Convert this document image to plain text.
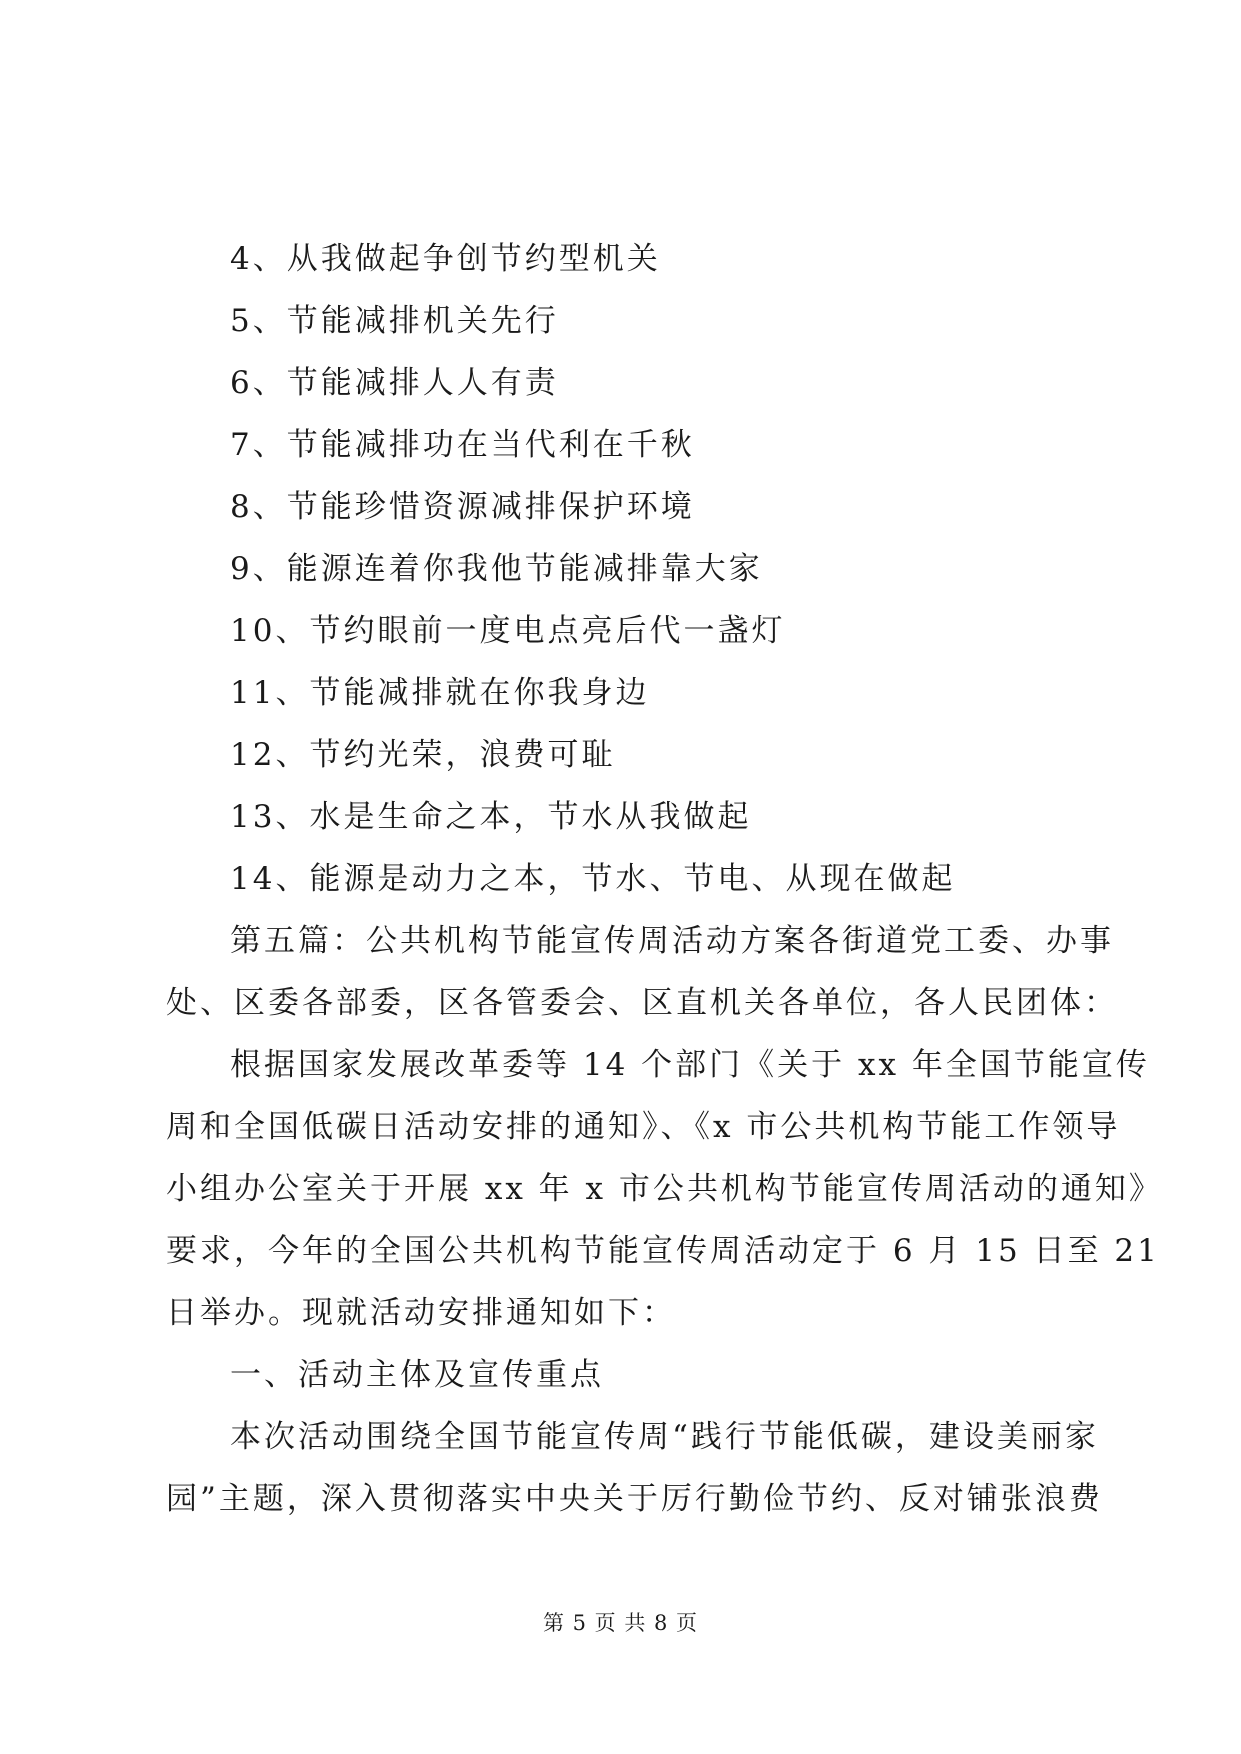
4、从我做起争创节约型机关
5、节能减排机关先行
6、节能减排人人有责
7、节能减排功在当代利在千秋
8、节能珍惜资源减排保护环境
9、能源连着你我他节能减排靠大家
10、节约眼前一度电点亮后代一盏灯
11、节能减排就在你我身边
12、节约光荣，浪费可耻
13、水是生命之本，节水从我做起
14、能源是动力之本，节水、节电、从现在做起
第五篇：公共机构节能宣传周活动方案各街道党工委、办事
处、区委各部委，区各管委会、区直机关各单位，各人民团体：
根据国家发展改革委等 14 个部门《关于 xx 年全国节能宣传
周和全国低碳日活动安排的通知》、《x 市公共机构节能工作领导
小组办公室关于开展 xx 年 x 市公共机构节能宣传周活动的通知》
要求，今年的全国公共机构节能宣传周活动定于 6 月 15 日至 21
日举办。现就活动安排通知如下：
一、活动主体及宣传重点
本次活动围绕全国节能宣传周“践行节能低碳，建设美丽家
园”主题，深入贯彻落实中央关于厉行勤俭节约、反对铺张浪费
第 5 页 共 8 页
